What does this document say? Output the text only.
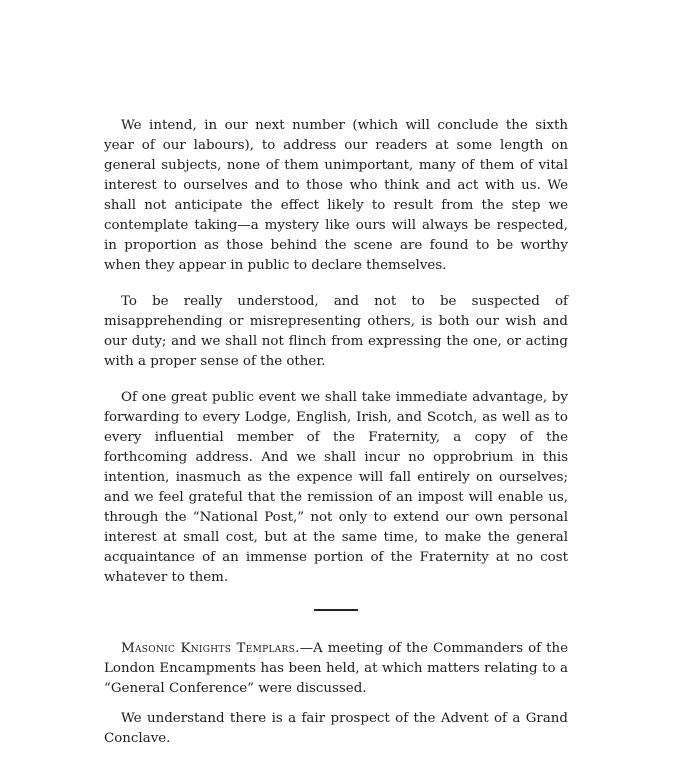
We intend, in our next number (which will conclude the sixth year of our labours), to address our readers at some length on general subjects, none of them unimportant, many of them of vital interest to ourselves and to those who think and act with us. We shall not anticipate the effect likely to result from the step we contemplate taking—a mystery like ours will always be respected, in proportion as those behind the scene are found to be worthy when they appear in public to declare themselves.

To be really understood, and not to be suspected of misapprehending or misrepresenting others, is both our wish and our duty; and we shall not flinch from expressing the one, or acting with a proper sense of the other.

Of one great public event we shall take immediate advantage, by forwarding to every Lodge, English, Irish, and Scotch, as well as to every influential member of the Fraternity, a copy of the forthcoming address. And we shall incur no opprobrium in this intention, inasmuch as the expence will fall entirely on ourselves; and we feel grateful that the remission of an impost will enable us, through the “National Post,” not only to extend our own personal interest at small cost, but at the same time, to make the general acquaintance of an immense portion of the Fraternity at no cost whatever to them.

Masonic Knights Templars.—A meeting of the Commanders of the London Encampments has been held, at which matters relating to a “General Conference” were discussed.

We understand there is a fair prospect of the Advent of a Grand Conclave.
